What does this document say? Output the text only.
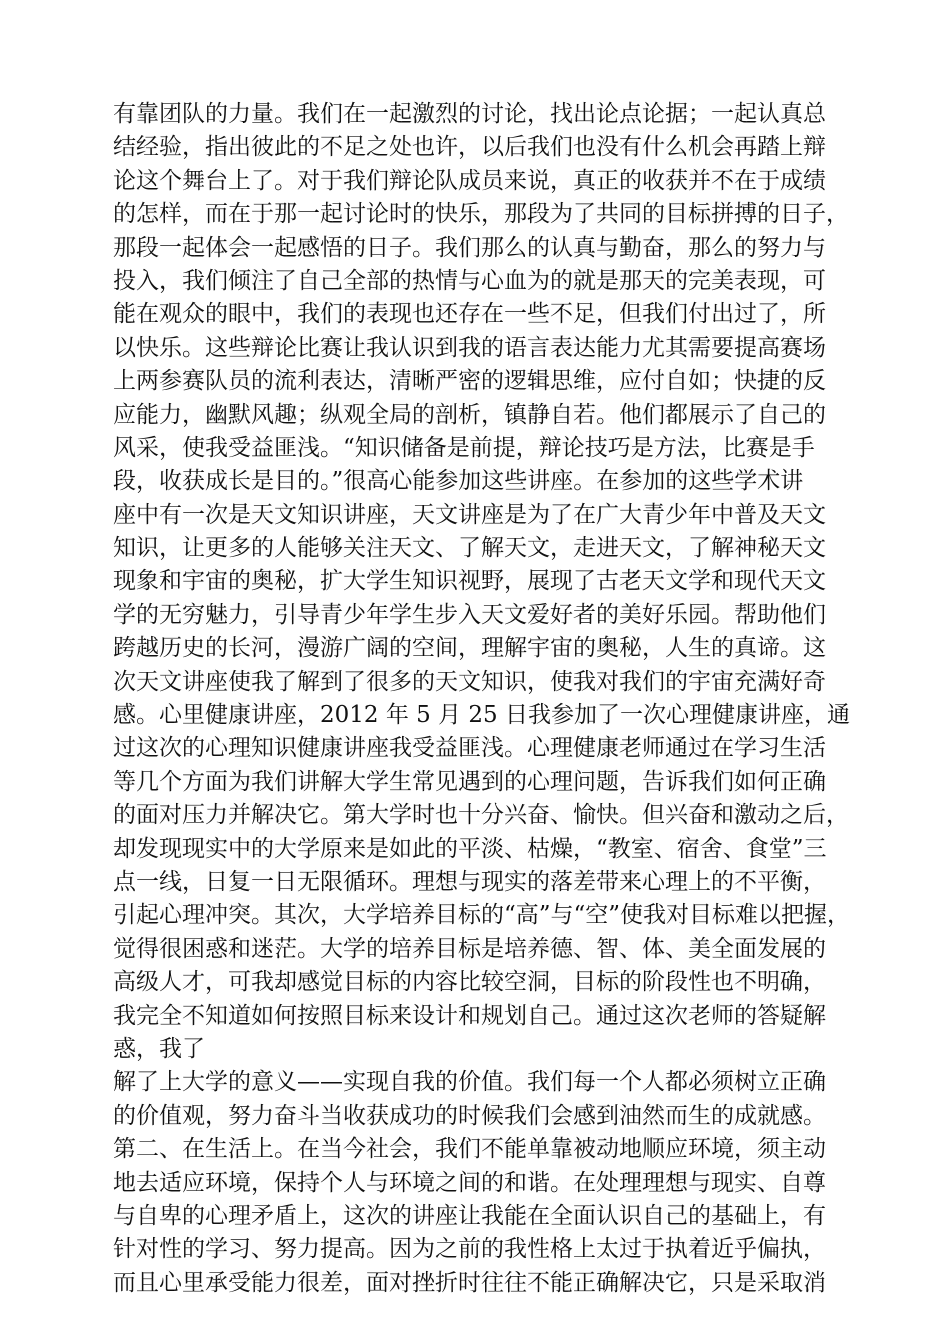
有靠团队的力量。我们在一起激烈的讨论，找出论点论据；一起认真总
结经验，指出彼此的不足之处也许，以后我们也没有什么机会再踏上辩
论这个舞台上了。对于我们辩论队成员来说，真正的收获并不在于成绩
的怎样，而在于那一起讨论时的快乐，那段为了共同的目标拼搏的日子，
那段一起体会一起感悟的日子。我们那么的认真与勤奋，那么的努力与
投入，我们倾注了自己全部的热情与心血为的就是那天的完美表现，可
能在观众的眼中，我们的表现也还存在一些不足，但我们付出过了，所
以快乐。这些辩论比赛让我认识到我的语言表达能力尤其需要提高赛场
上两参赛队员的流利表达，清晰严密的逻辑思维，应付自如；快捷的反
应能力，幽默风趣；纵观全局的剖析，镇静自若。他们都展示了自己的
风采，使我受益匪浅。“知识储备是前提，辩论技巧是方法，比赛是手
段，收获成长是目的。”很高心能参加这些讲座。在参加的这些学术讲
座中有一次是天文知识讲座，天文讲座是为了在广大青少年中普及天文
知识，让更多的人能够关注天文、了解天文，走进天文，了解神秘天文
现象和宇宙的奥秘，扩大学生知识视野，展现了古老天文学和现代天文
学的无穷魅力，引导青少年学生步入天文爱好者的美好乐园。帮助他们
跨越历史的长河，漫游广阔的空间，理解宇宙的奥秘，人生的真谛。这
次天文讲座使我了解到了很多的天文知识，使我对我们的宇宙充满好奇
感。心里健康讲座，2012 年 5 月 25 日我参加了一次心理健康讲座，通
过这次的心理知识健康讲座我受益匪浅。心理健康老师通过在学习生活
等几个方面为我们讲解大学生常见遇到的心理问题，告诉我们如何正确
的面对压力并解决它。第大学时也十分兴奋、愉快。但兴奋和激动之后，
却发现现实中的大学原来是如此的平淡、枯燥，“教室、宿舍、食堂”三
点一线，日复一日无限循环。理想与现实的落差带来心理上的不平衡，
引起心理冲突。其次，大学培养目标的“高”与“空”使我对目标难以把握，
觉得很困惑和迷茫。大学的培养目标是培养德、智、体、美全面发展的
高级人才，可我却感觉目标的内容比较空洞，目标的阶段性也不明确，
我完全不知道如何按照目标来设计和规划自己。通过这次老师的答疑解
惑，我了
解了上大学的意义——实现自我的价值。我们每一个人都必须树立正确
的价值观，努力奋斗当收获成功的时候我们会感到油然而生的成就感。
第二、在生活上。在当今社会，我们不能单靠被动地顺应环境，须主动
地去适应环境，保持个人与环境之间的和谐。在处理理想与现实、自尊
与自卑的心理矛盾上，这次的讲座让我能在全面认识自己的基础上，有
针对性的学习、努力提高。因为之前的我性格上太过于执着近乎偏执，
而且心里承受能力很差，面对挫折时往往不能正确解决它，只是采取消
